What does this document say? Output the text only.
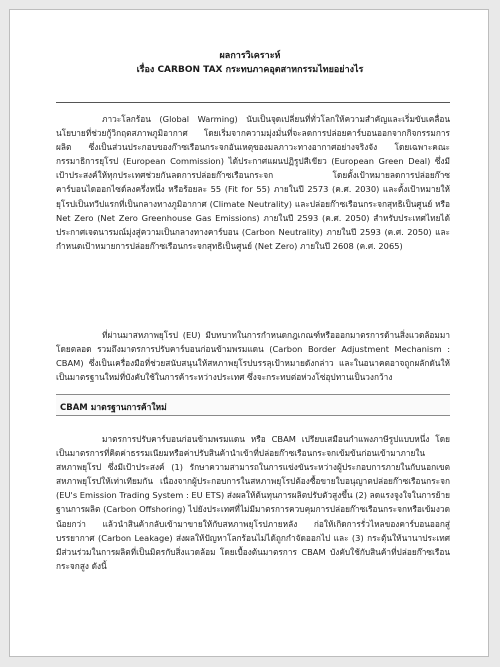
ผลการวิเคราะห์
เรื่อง CARBON TAX กระทบภาคอุตสาหกรรมไทยอย่างไร
ภาวะโลกร้อน (Global Warming) นับเป็นจุดเปลี่ยนที่ทั่วโลกให้ความสำคัญและเริ่มขับเคลื่อนนโยบายที่ช่วยกู้วิกฤตสภาพภูมิอากาศ โดยเริ่มจากความมุ่งมั่นที่จะลดการปล่อยคาร์บอนออกจากกิจกรรมการผลิต ซึ่งเป็นส่วนประกอบของก๊าซเรือนกระจกอันเหตุของมลภาวะทางอากาศอย่างจริงจัง โดยเฉพาะคณะกรรมาธิการยุโรป (European Commission) ได้ประกาศแผนปฏิรูปสีเขียว (European Green Deal) ซึ่งมีเป้าประสงค์ให้ทุกประเทศช่วยกันลดการปล่อยก๊าซเรือนกระจก โดยตั้งเป้าหมายลดการปล่อยก๊าซคาร์บอนไดออกไซด์ลงครึ่งหนึ่ง หรือร้อยละ 55 (Fit for 55) ภายในปี 2573 (ค.ศ. 2030) และตั้งเป้าหมายให้ยุโรปเป็นทวีปแรกที่เป็นกลางทางภูมิอากาศ (Climate Neutrality) และปล่อยก๊าซเรือนกระจกสุทธิเป็นศูนย์ หรือ Net Zero (Net Zero Greenhouse Gas Emissions) ภายในปี 2593 (ค.ศ. 2050) สำหรับประเทศไทยได้ประกาศเจตนารมณ์มุ่งสู่ความเป็นกลางทางคาร์บอน (Carbon Neutrality) ภายในปี 2593 (ค.ศ. 2050) และกำหนดเป้าหมายการปล่อยก๊าซเรือนกระจกสุทธิเป็นศูนย์ (Net Zero) ภายในปี 2608 (ค.ศ. 2065)
ที่ผ่านมาสหภาพยุโรป (EU) มีบทบาทในการกำหนดกฎเกณฑ์หรือออกมาตรการด้านสิ่งแวดล้อมมาโดยตลอด รวมถึงมาตรการปรับคาร์บอนก่อนข้ามพรมแดน (Carbon Border Adjustment Mechanism : CBAM) ซึ่งเป็นเครื่องมือที่ช่วยสนับสนุนให้สหภาพยุโรปบรรลุเป้าหมายดังกล่าว และในอนาคตอาจถูกผลักดันให้เป็นมาตรฐานใหม่ที่บังคับใช้ในการค้าระหว่างประเทศ ซึ่งจะกระทบต่อห่วงโซ่อุปทานเป็นวงกว้าง
CBAM มาตรฐานการค้าใหม่
มาตรการปรับคาร์บอนก่อนข้ามพรมแดน หรือ CBAM เปรียบเสมือนกำแพงภาษีรูปแบบหนึ่ง โดยเป็นมาตรการที่คิดค่าธรรมเนียมหรือค่าปรับสินค้านำเข้าที่ปล่อยก๊าซเรือนกระจกเข้มข้นก่อนเข้ามาภายในสหภาพยุโรป ซึ่งมีเป้าประสงค์ (1) รักษาความสามารถในการแข่งขันระหว่างผู้ประกอบการภายในกับนอกเขตสหภาพยุโรปให้เท่าเทียมกัน เนื่องจากผู้ประกอบการในสหภาพยุโรปต้องซื้อขายใบอนุญาตปล่อยก๊าซเรือนกระจก (EU's Emission Trading System : EU ETS) ส่งผลให้ต้นทุนการผลิตปรับตัวสูงขึ้น (2) ลดแรงจูงใจในการย้ายฐานการผลิต (Carbon Offshoring) ไปยังประเทศที่ไม่มีมาตรการควบคุมการปล่อยก๊าซเรือนกระจกหรือเข้มงวดน้อยกว่า แล้วนำสินค้ากลับเข้ามาขายให้กับสหภาพยุโรปภายหลัง ก่อให้เกิดการรั่วไหลของคาร์บอนออกสู่บรรยากาศ (Carbon Leakage) ส่งผลให้ปัญหาโลกร้อนไม่ได้ถูกกำจัดออกไป และ (3) กระตุ้นให้นานาประเทศมีส่วนร่วมในการผลิตที่เป็นมิตรกับสิ่งแวดล้อม โดยเบื้องต้นมาตรการ CBAM บังคับใช้กับสินค้าที่ปล่อยก๊าซเรือนกระจกสูง ดังนี้
